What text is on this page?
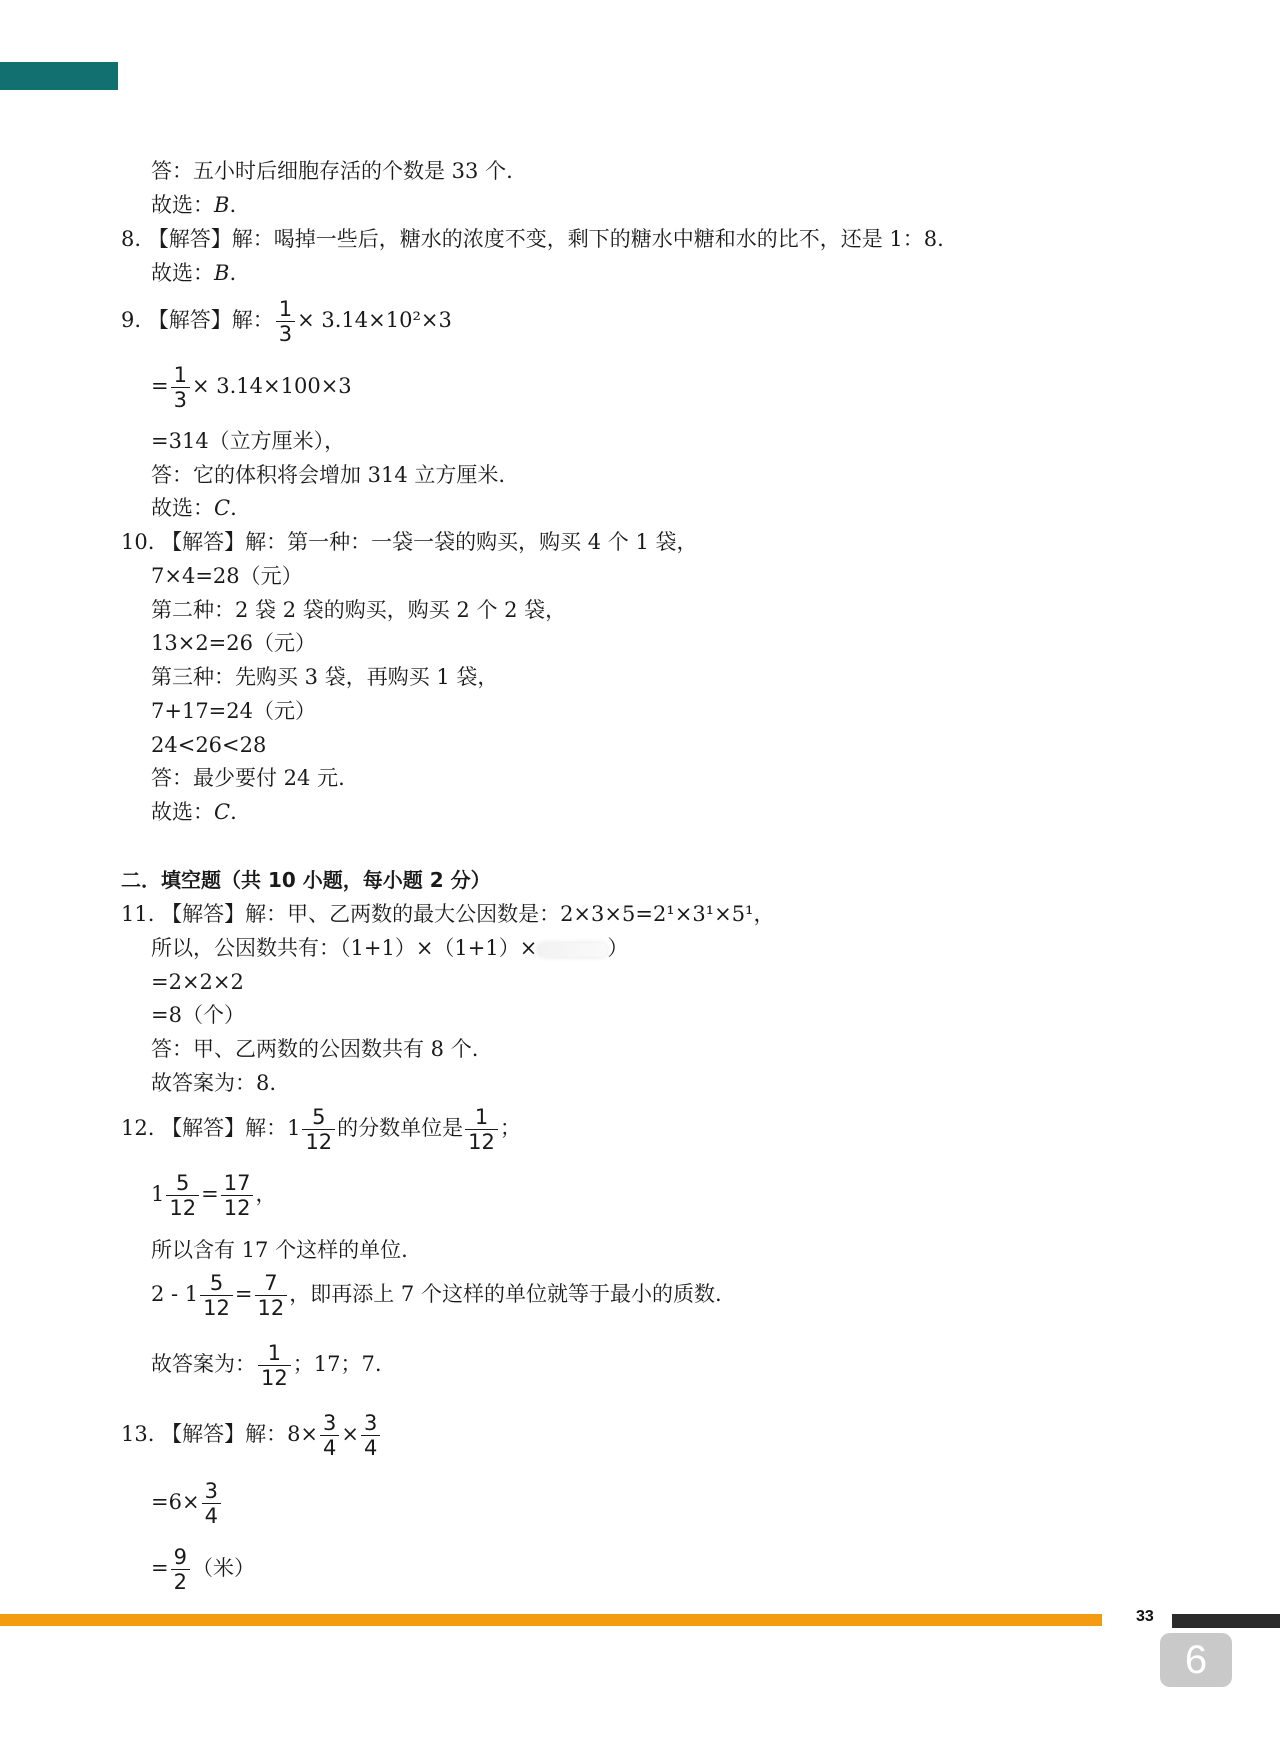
答：五小时后细胞存活的个数是 33 个.
故选：B.
8. 【解答】解：喝掉一些后，糖水的浓度不变，剩下的糖水中糖和水的比不，还是 1：8.
故选：B.
9. 【解答】解： $\frac{1}{3} \times 3.14\times 10^2\times 3$
= $\frac{1}{3} \times 3.14\times 100\times 3$
=314（立方厘米），
答：它的体积将会增加 314 立方厘米.
故选：C.
10. 【解答】解：第一种：一袋一袋的购买，购买 4 个 1 袋，
7×4=28（元）
第二种：2 袋 2 袋的购买，购买 2 个 2 袋，
13×2=26（元）
第三种：先购买 3 袋，再购买 1 袋，
7+17=24（元）
24<26<28
答：最少要付 24 元.
故选：C.
二．填空题（共 10 小题，每小题 2 分）
11. 【解答】解：甲、乙两数的最大公因数是：2×3×5=2¹×3¹×5¹，
所以，公因数共有：（1+1）×（1+1）×	）
=2×2×2
=8（个）
答：甲、乙两数的公因数共有 8 个.
故答案为：8.
12. 【解答】解：$1 \frac{5}{12}$ 的分数单位是 $\frac{1}{12}$ ；
$1 \frac{5}{12} = \frac{17}{12}$ ，
所以含有 17 个这样的单位.
$2 - 1 \frac{5}{12} = \frac{7}{12}$ ，即再添上 7 个这样的单位就等于最小的质数.
故答案为： $\frac{1}{12}$ ；17；7.
13. 【解答】解：$8\times \frac{3}{4} \times \frac{3}{4}$
$=6\times \frac{3}{4}$
= $\frac{9}{2}$ （米）
33
6
